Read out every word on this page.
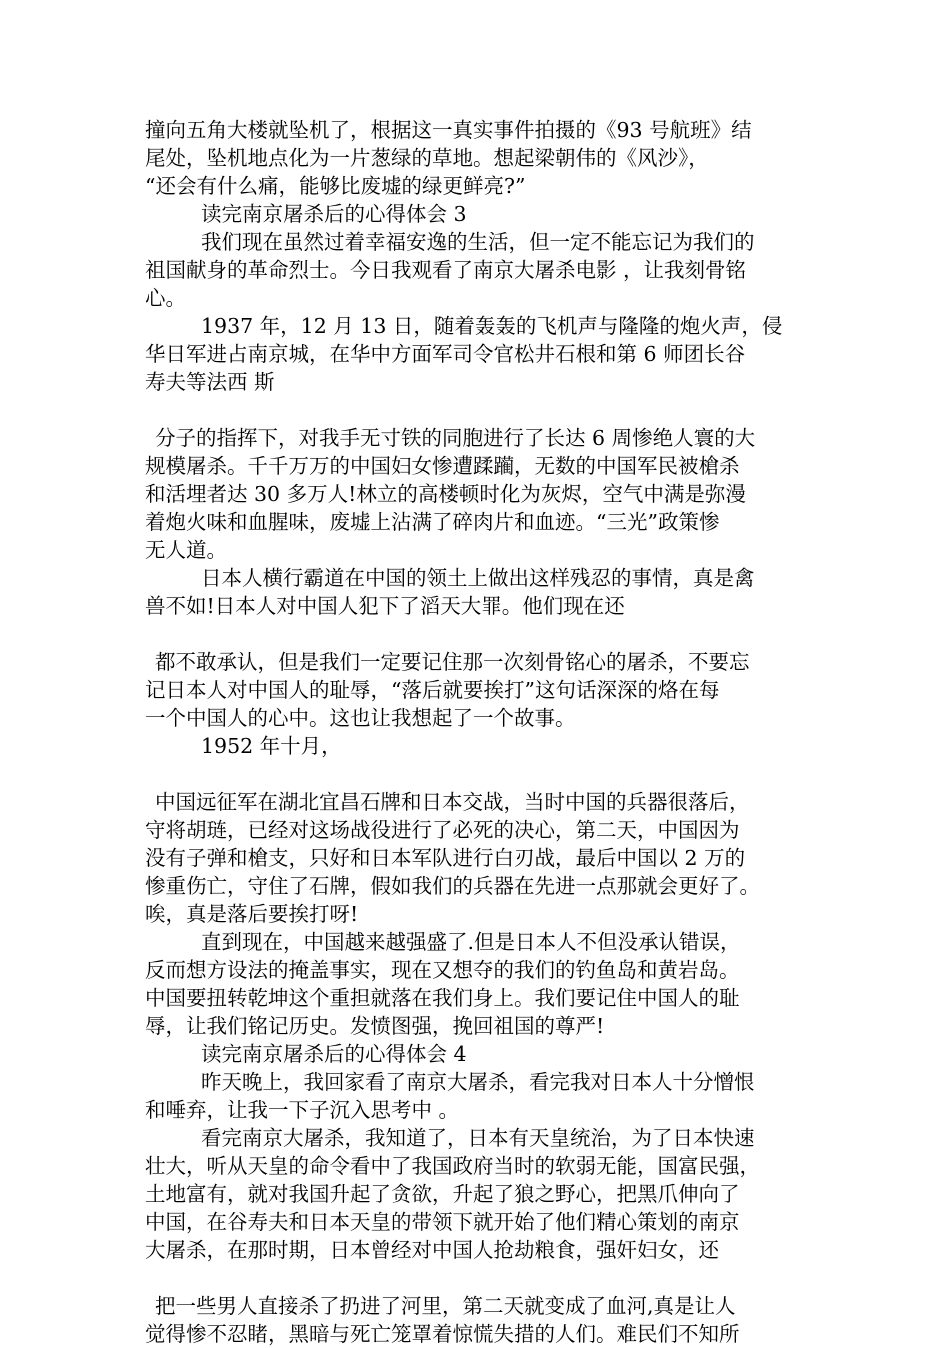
撞向五角大楼就坠机了，根据这一真实事件拍摄的《93 号航班》结
尾处，坠机地点化为一片葱绿的草地。想起梁朝伟的《风沙》，
“还会有什么痛，能够比废墟的绿更鲜亮?”
读完南京屠杀后的心得体会 3
我们现在虽然过着幸福安逸的生活，但一定不能忘记为我们的
祖国献身的革命烈士。今日我观看了南京大屠杀电影 ，让我刻骨铭
心。
1937 年，12 月 13 日，随着轰轰的飞机声与隆隆的炮火声，侵
华日军进占南京城，在华中方面军司令官松井石根和第 6 师团长谷
寿夫等法西 斯
分子的指挥下，对我手无寸铁的同胞进行了长达 6 周惨绝人寰的大
规模屠杀。千千万万的中国妇女惨遭蹂躏，无数的中国军民被槍杀
和活埋者达 30 多万人!林立的高楼顿时化为灰烬，空气中满是弥漫
着炮火味和血腥味，废墟上沾满了碎肉片和血迹。“三光”政策惨
无人道。
日本人横行霸道在中国的领土上做出这样残忍的事情，真是禽
兽不如!日本人对中国人犯下了滔天大罪。他们现在还
都不敢承认，但是我们一定要记住那一次刻骨铭心的屠杀，不要忘
记日本人对中国人的耻辱，“落后就要挨打”这句话深深的烙在每
一个中国人的心中。这也让我想起了一个故事。
1952 年十月，
中国远征军在湖北宜昌石牌和日本交战，当时中国的兵器很落后，
守将胡琏，已经对这场战役进行了必死的决心，第二天，中国因为
没有子弹和槍支，只好和日本军队进行白刃战，最后中国以 2 万的
惨重伤亡，守住了石牌，假如我们的兵器在先进一点那就会更好了。
唉，真是落后要挨打呀!
直到现在，中国越来越强盛了.但是日本人不但没承认错误，
反而想方设法的掩盖事实，现在又想夺的我们的钓鱼岛和黄岩岛。
中国要扭转乾坤这个重担就落在我们身上。我们要记住中国人的耻
辱，让我们铭记历史。发愤图强，挽回祖国的尊严!
读完南京屠杀后的心得体会 4
昨天晚上，我回家看了南京大屠杀，看完我对日本人十分憎恨
和唾弃，让我一下子沉入思考中 。
看完南京大屠杀，我知道了，日本有天皇统治，为了日本快速
壮大，听从天皇的命令看中了我国政府当时的软弱无能，国富民强，
土地富有，就对我国升起了贪欲，升起了狼之野心，把黑爪伸向了
中国，在谷寿夫和日本天皇的带领下就开始了他们精心策划的南京
大屠杀，在那时期，日本曾经对中国人抢劫粮食，强奸妇女，还
把一些男人直接杀了扔进了河里，第二天就变成了血河,真是让人
觉得惨不忍睹，黑暗与死亡笼罩着惊慌失措的人们。难民们不知所
